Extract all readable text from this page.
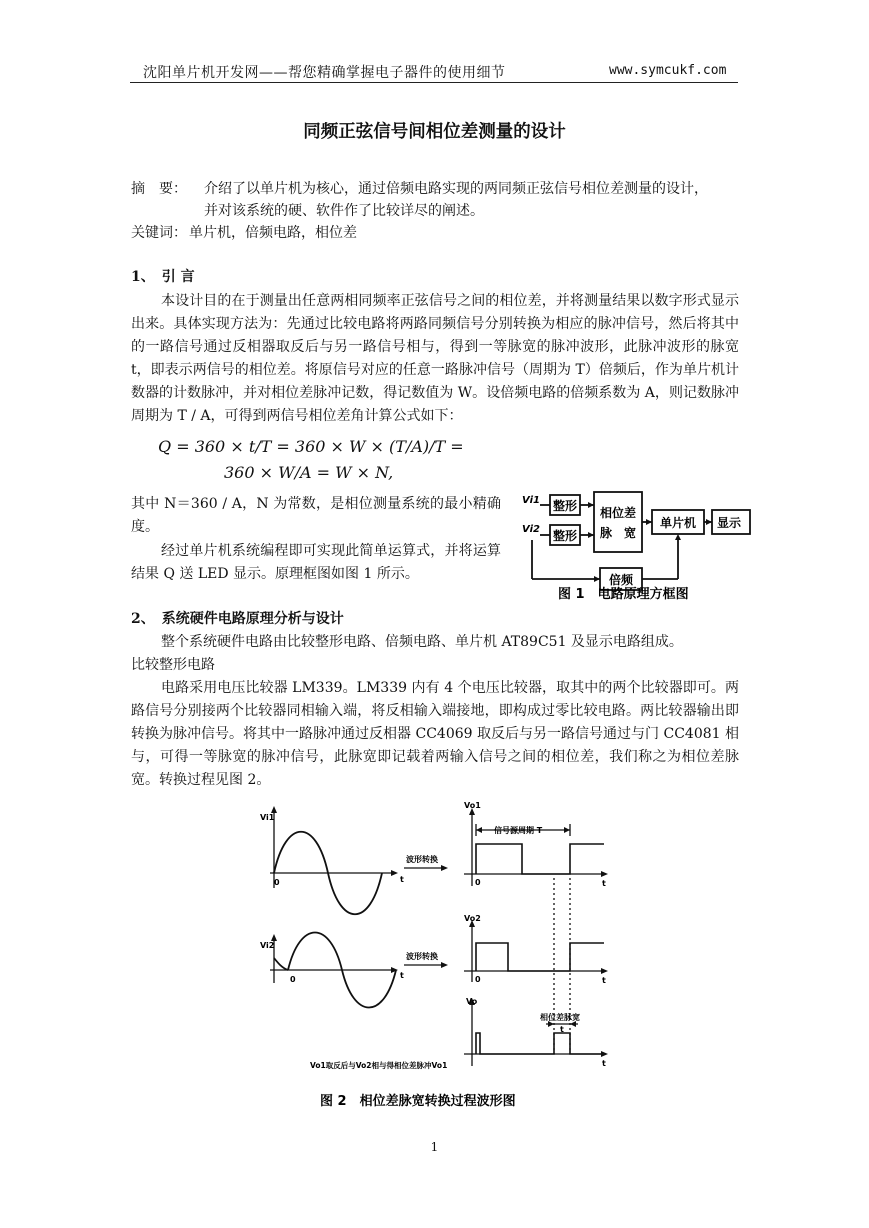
沈阳单片机开发网——帮您精确掌握电子器件的使用细节	www.symcukf.com
同频正弦信号间相位差测量的设计
摘　要： 介绍了以单片机为核心，通过倍频电路实现的两同频正弦信号相位差测量的设计，
并对该系统的硬、软件作了比较详尽的阐述。
关键词： 单片机，倍频电路，相位差
1、　引 言
本设计目的在于测量出任意两相同频率正弦信号之间的相位差，并将测量结果以数字形式显示出来。具体实现方法为：先通过比较电路将两路同频信号分别转换为相应的脉冲信号，然后将其中的一路信号通过反相器取反后与另一路信号相与，得到一等脉宽的脉冲波形，此脉冲波形的脉宽 t，即表示两信号的相位差。将原信号对应的任意一路脉冲信号（周期为 T）倍频后，作为单片机计数器的计数脉冲，并对相位差脉冲记数，得记数值为 W。设倍频电路的倍频系数为 A，则记数脉冲周期为 T / A，可得到两信号相位差角计算公式如下：
Q = 360 × t/T = 360 × W × (T/A)/T =
360 × W/A = W × N,
其中 N＝360 / A，N 为常数，是相位测量系统的最小精确度。
经过单片机系统编程即可实现此简单运算式，并将运算结果 Q 送 LED 显示。原理框图如图 1 所示。
Vi1
Vi2
整形
整形
相位差
脉　宽
单片机 显示
倍频
图 1　电路原理方框图
2、　系统硬件电路原理分析与设计
整个系统硬件电路由比较整形电路、倍频电路、单片机 AT89C51 及显示电路组成。
比较整形电路
电路采用电压比较器 LM339。LM339 内有 4 个电压比较器，取其中的两个比较器即可。两路信号分别接两个比较器同相输入端，将反相输入端接地，即构成过零比较电路。两比较器输出即转换为脉冲信号。将其中一路脉冲通过反相器 CC4069 取反后与另一路信号通过与门 CC4081 相与，可得一等脉宽的脉冲信号，此脉宽即记载着两输入信号之间的相位差，我们称之为相位差脉宽。转换过程见图 2。
Vi1
0	t
Vi2
0	t
波形转换
波形转换
Vo1
0	t
信号源周期 T
Vo2
0	t
Vo
t
相位差脉宽
t
Vo1取反后与Vo2相与得相位差脉冲Vo1
图 2　相位差脉宽转换过程波形图
1
